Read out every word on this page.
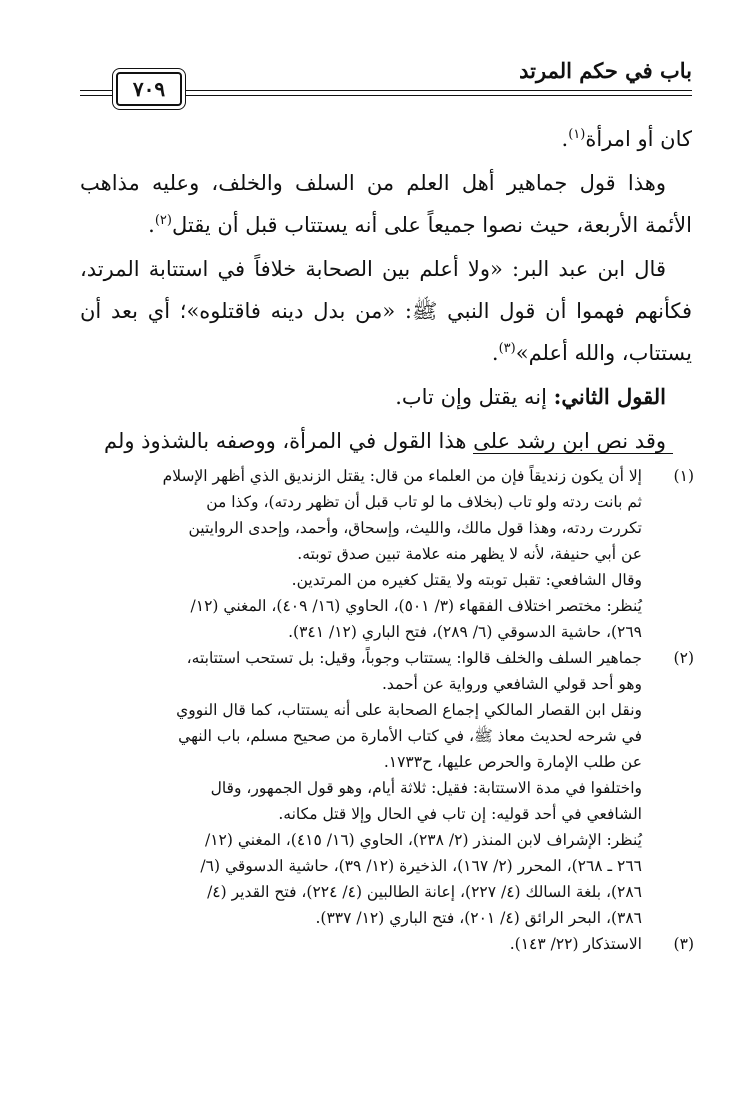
باب في حكم المرتد
٧٠٩

كان أو امرأة$^{(١)}$.

وهذا قول جماهير أهل العلم من السلف والخلف، وعليه مذاهب الأئمة الأربعة، حيث نصوا جميعاً على أنه يستتاب قبل أن يقتل$^{(٢)}$.

قال ابن عبد البر: «ولا أعلم بين الصحابة خلافاً في استتابة المرتد، فكأنهم فهموا أن قول النبي ﷺ: «من بدل دينه فاقتلوه»؛ أي بعد أن يستتاب، والله أعلم»$^{(٣)}$.

القول الثاني: إنه يقتل وإن تاب.

وقد نص ابن رشد على هذا القول في المرأة، ووصفه بالشذوذ ولم

(١)
إلا أن يكون زنديقاً فإن من العلماء من قال: يقتل الزنديق الذي أظهر الإسلام
ثم بانت ردته ولو تاب (بخلاف ما لو تاب قبل أن تظهر ردته)، وكذا من
تكررت ردته، وهذا قول مالك، والليث، وإسحاق، وأحمد، وإحدى الروايتين
عن أبي حنيفة، لأنه لا يظهر منه علامة تبين صدق توبته.
وقال الشافعي: تقبل توبته ولا يقتل كغيره من المرتدين.
يُنظر: مختصر اختلاف الفقهاء (٣/ ٥٠١)، الحاوي (١٦/ ٤٠٩)، المغني (١٢/
٢٦٩)، حاشية الدسوقي (٦/ ٢٨٩)، فتح الباري (١٢/ ٣٤١).
(٢)
جماهير السلف والخلف قالوا: يستتاب وجوباً، وقيل: بل تستحب استتابته،
وهو أحد قولي الشافعي ورواية عن أحمد.
ونقل ابن القصار المالكي إجماع الصحابة على أنه يستتاب، كما قال النووي
في شرحه لحديث معاذ ﷺ، في كتاب الأمارة من صحيح مسلم، باب النهي
عن طلب الإمارة والحرص عليها، ح١٧٣٣.
واختلفوا في مدة الاستتابة: فقيل: ثلاثة أيام، وهو قول الجمهور، وقال
الشافعي في أحد قوليه: إن تاب في الحال وإلا قتل مكانه.
يُنظر: الإشراف لابن المنذر (٢/ ٢٣٨)، الحاوي (١٦/ ٤١٥)، المغني (١٢/
٢٦٦ ـ ٢٦٨)، المحرر (٢/ ١٦٧)، الذخيرة (١٢/ ٣٩)، حاشية الدسوقي (٦/
٢٨٦)، بلغة السالك (٤/ ٢٢٧)، إعانة الطالبين (٤/ ٢٢٤)، فتح القدير (٤/
٣٨٦)، البحر الرائق (٤/ ٢٠١)، فتح الباري (١٢/ ٣٣٧).
(٣)
الاستذكار (٢٢/ ١٤٣).
